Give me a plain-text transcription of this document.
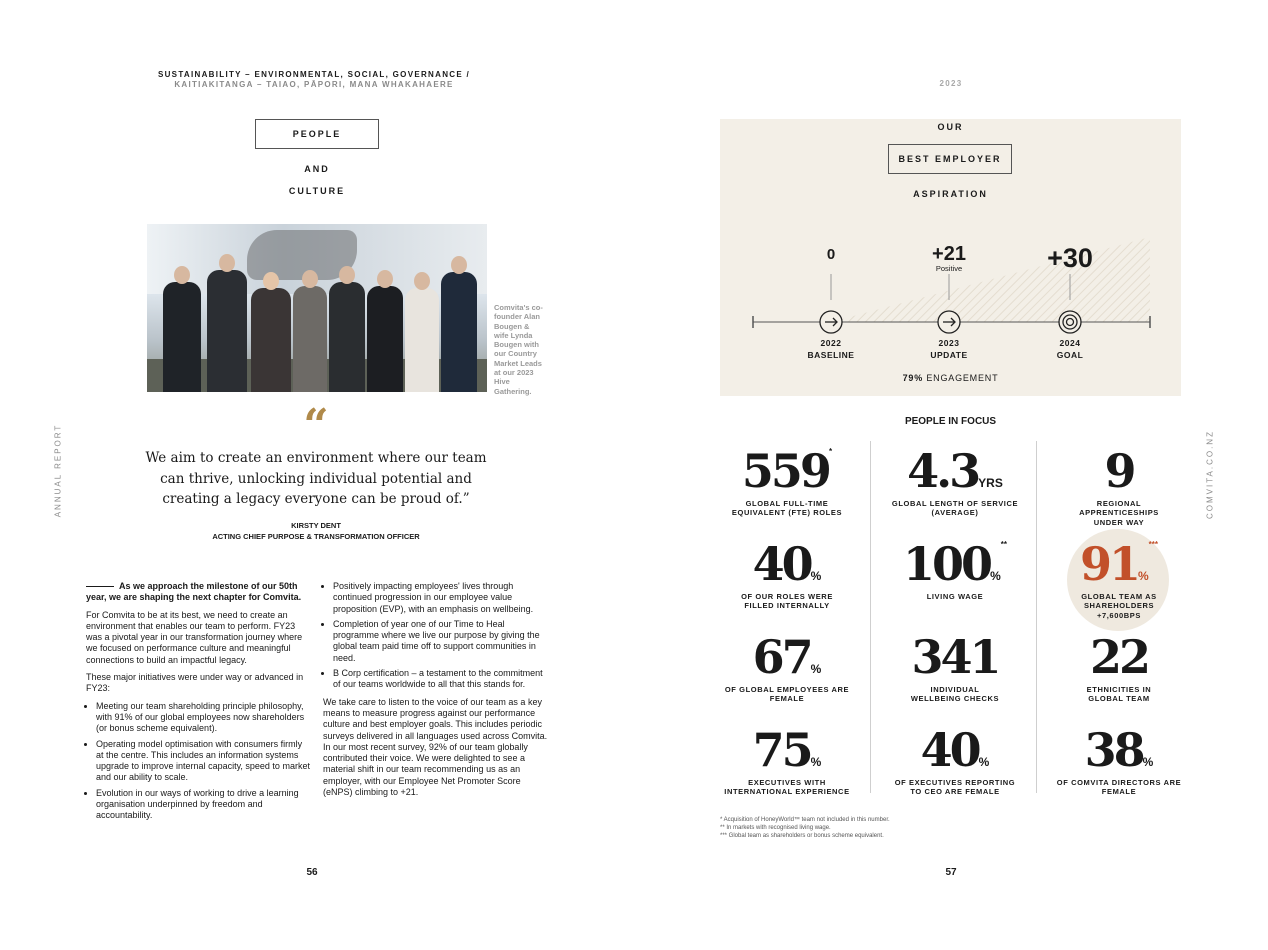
ANNUAL REPORT
SUSTAINABILITY – ENVIRONMENTAL, SOCIAL, GOVERNANCE /
KAITIAKITANGA – TAIAO, PĀPORI, MANA WHAKAHAERE
PEOPLE
AND
CULTURE
Comvita's co-founder Alan Bougen & wife Lynda Bougen with our Country Market Leads at our 2023 Hive Gathering.
“
We aim to create an environment where our team
can thrive, unlocking individual potential and
creating a legacy everyone can be proud of.”
KIRSTY DENT
ACTING CHIEF PURPOSE & TRANSFORMATION OFFICER

As we approach the milestone of our 50th year, we are shaping the next chapter for Comvita.

For Comvita to be at its best, we need to create an environment that enables our team to perform. FY23 was a pivotal year in our transformation journey where we focused on performance culture and meaningful connections to build an impactful legacy.

These major initiatives were under way or advanced in FY23:

• Meeting our team shareholding principle philosophy, with 91% of our global employees now shareholders (or bonus scheme equivalent).
• Operating model optimisation with consumers firmly at the centre. This includes an information systems upgrade to improve internal capacity, speed to market and our ability to scale.
• Evolution in our ways of working to drive a learning organisation underpinned by freedom and accountability.
• Positively impacting employees' lives through continued progression in our employee value proposition (EVP), with an emphasis on wellbeing.
• Completion of year one of our Time to Heal programme where we live our purpose by giving the global team paid time off to support communities in need.
• B Corp certification – a testament to the commitment of our teams worldwide to all that this stands for.

We take care to listen to the voice of our team as a key means to measure progress against our performance culture and best employer goals. This includes periodic surveys delivered in all languages used across Comvita. In our most recent survey, 92% of our team globally contributed their voice. We were delighted to see a material shift in our team recommending us as an employer, with our Employee Net Promoter Score (eNPS) climbing to +21.

56
2023
COMVITA.CO.NZ
OUR
BEST EMPLOYER
ASPIRATION
0	+21
Positive	+30
2022
BASELINE
2023
UPDATE
2024
GOAL
79% ENGAGEMENT
PEOPLE IN FOCUS
559*
GLOBAL FULL-TIME EQUIVALENT (FTE) ROLES
4.3YRS
GLOBAL LENGTH OF SERVICE (AVERAGE)
9
REGIONAL APPRENTICESHIPS UNDER WAY
40%
OF OUR ROLES WERE FILLED INTERNALLY
100%**
LIVING WAGE
91%***
GLOBAL TEAM AS SHAREHOLDERS +7,600BPS
67%
OF GLOBAL EMPLOYEES ARE FEMALE
341
INDIVIDUAL WELLBEING CHECKS
22
ETHNICITIES IN GLOBAL TEAM
75%
EXECUTIVES WITH INTERNATIONAL EXPERIENCE
40%
OF EXECUTIVES REPORTING TO CEO ARE FEMALE
38%
OF COMVITA DIRECTORS ARE FEMALE
* Acquisition of HoneyWorld™ team not included in this number.
** In markets with recognised living wage.
*** Global team as shareholders or bonus scheme equivalent.
57
